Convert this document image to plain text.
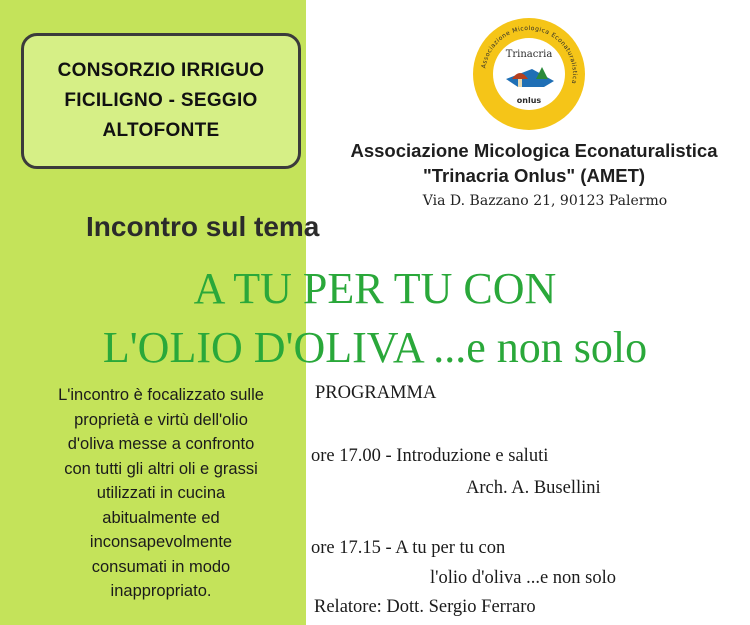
CONSORZIO IRRIGUO
FICILIGNO - SEGGIO
ALTOFONTE
Associazione Micologica Econaturalistica
Trinacria
onlus
Associazione Micologica Econaturalistica
"Trinacria Onlus" (AMET)
Via D. Bazzano 21, 90123 Palermo
Incontro sul tema
A TU PER TU CON
L'OLIO D'OLIVA ...e non solo
L'incontro è focalizzato sulle
proprietà e virtù dell'olio
d'oliva messe a confronto
con tutti gli altri oli e grassi
utilizzati in cucina
abitualmente ed
inconsapevolmente
consumati in modo
inappropriato.
PROGRAMMA
ore 17.00 - Introduzione e saluti
Arch. A. Busellini
ore 17.15 - A tu per tu con
l'olio d'oliva ...e non solo
Relatore: Dott. Sergio Ferraro
